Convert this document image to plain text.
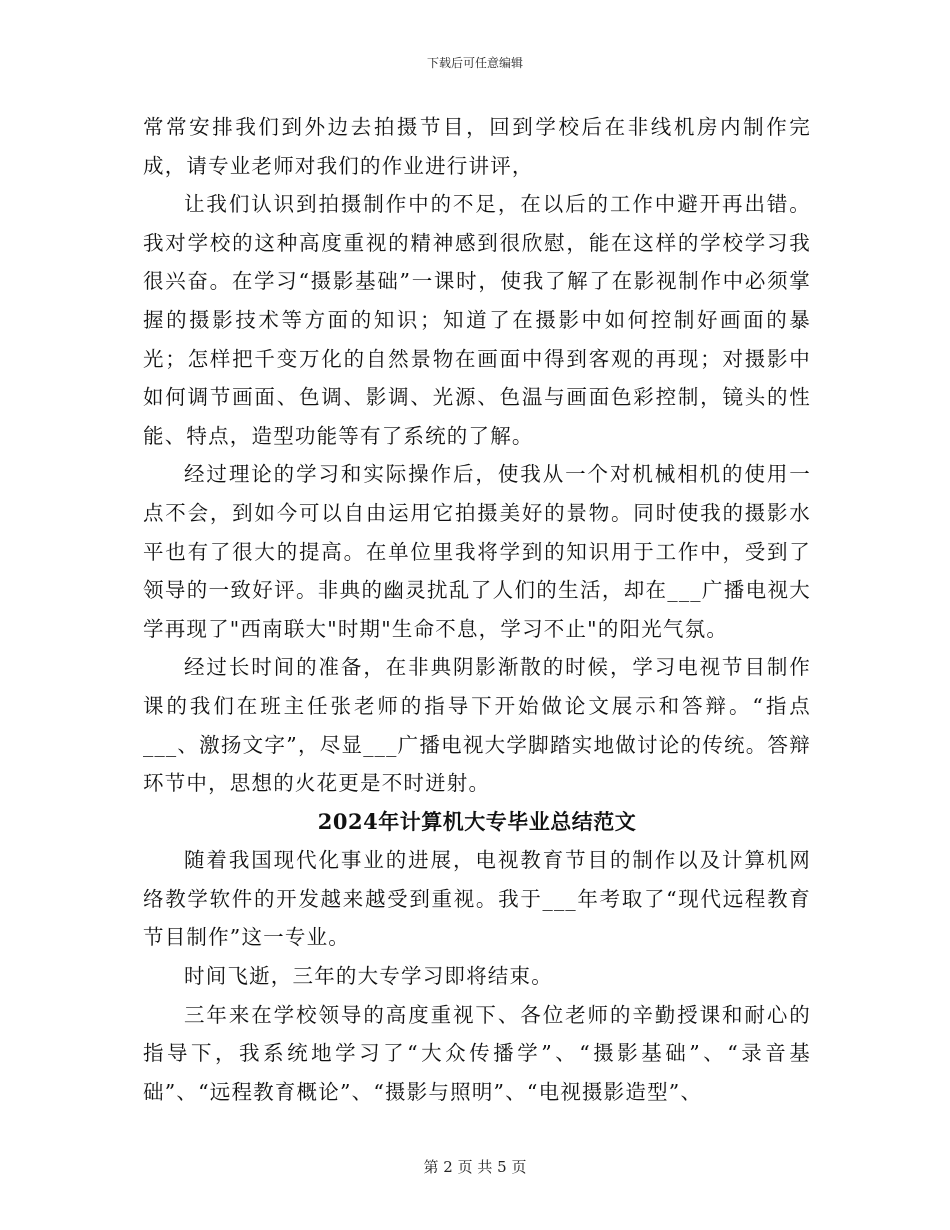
下载后可任意编辑

常常安排我们到外边去拍摄节目，回到学校后在非线机房内制作完成，请专业老师对我们的作业进行讲评，

让我们认识到拍摄制作中的不足，在以后的工作中避开再出错。我对学校的这种高度重视的精神感到很欣慰，能在这样的学校学习我很兴奋。在学习“摄影基础”一课时，使我了解了在影视制作中必须掌握的摄影技术等方面的知识；知道了在摄影中如何控制好画面的暴光；怎样把千变万化的自然景物在画面中得到客观的再现；对摄影中如何调节画面、色调、影调、光源、色温与画面色彩控制，镜头的性能、特点，造型功能等有了系统的了解。

经过理论的学习和实际操作后，使我从一个对机械相机的使用一点不会，到如今可以自由运用它拍摄美好的景物。同时使我的摄影水平也有了很大的提高。在单位里我将学到的知识用于工作中，受到了领导的一致好评。非典的幽灵扰乱了人们的生活，却在___广播电视大学再现了"西南联大"时期"生命不息，学习不止"的阳光气氛。

经过长时间的准备，在非典阴影渐散的时候，学习电视节目制作课的我们在班主任张老师的指导下开始做论文展示和答辩。“指点___、激扬文字”，尽显___广播电视大学脚踏实地做讨论的传统。答辩环节中，思想的火花更是不时迸射。

2024年计算机大专毕业总结范文

随着我国现代化事业的进展，电视教育节目的制作以及计算机网络教学软件的开发越来越受到重视。我于___年考取了“现代远程教育节目制作”这一专业。

时间飞逝，三年的大专学习即将结束。

三年来在学校领导的高度重视下、各位老师的辛勤授课和耐心的指导下，我系统地学习了“大众传播学”、“摄影基础”、“录音基础”、“远程教育概论”、“摄影与照明”、“电视摄影造型”、

第 2 页 共 5 页
